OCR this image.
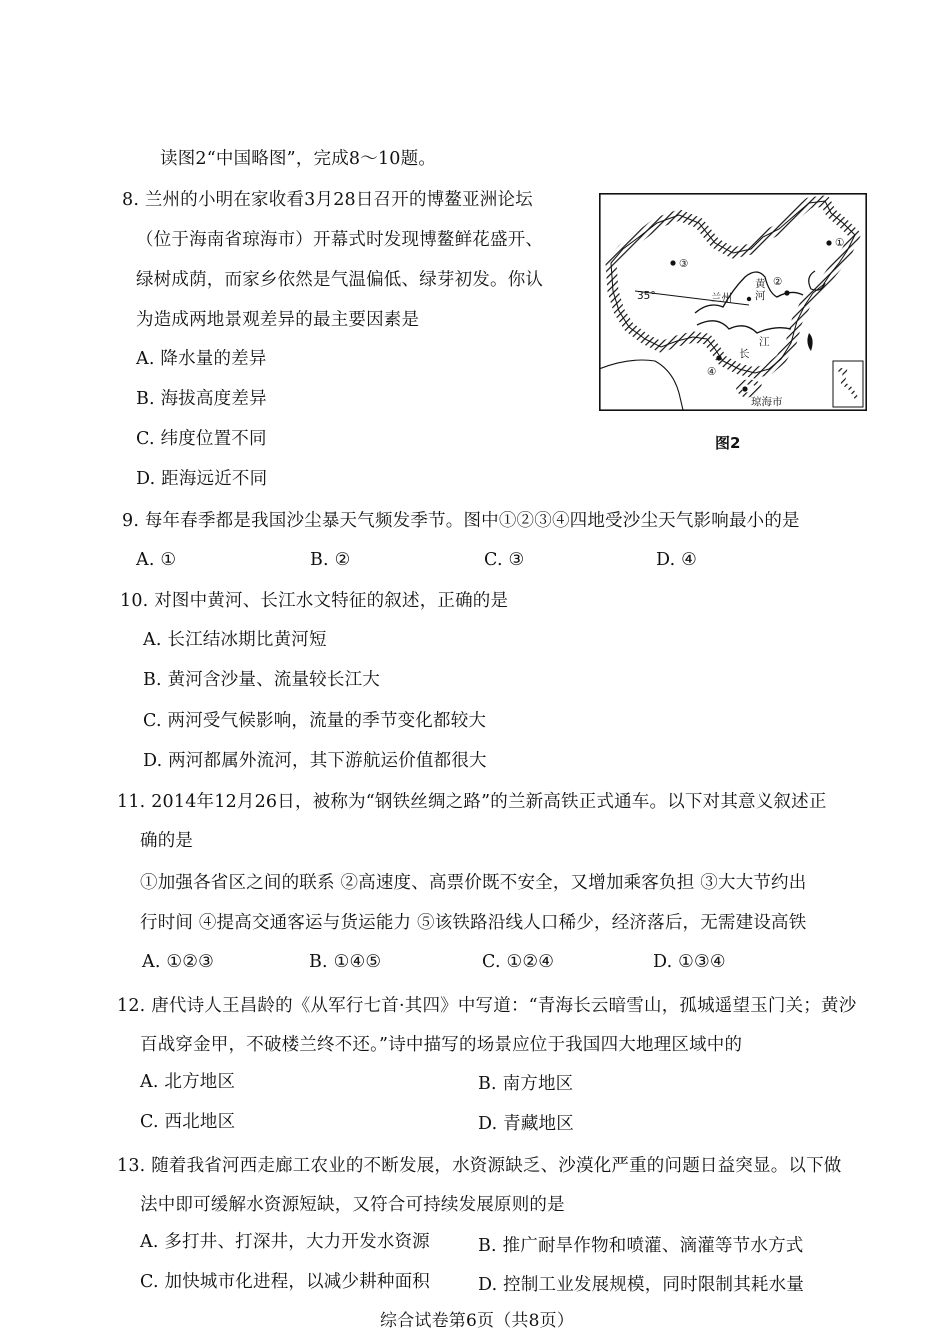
读图2“中国略图”，完成8～10题。
8. 兰州的小明在家收看3月28日召开的博鳌亚洲论坛
（位于海南省琼海市）开幕式时发现博鳌鲜花盛开、
绿树成荫，而家乡依然是气温偏低、绿芽初发。你认
为造成两地景观差异的最主要因素是
A. 降水量的差异
B. 海拔高度差异
C. 纬度位置不同
D. 距海远近不同
①
③
②
④
35°	兰州
黄
河
长
江
琼海市
图2
9. 每年春季都是我国沙尘暴天气频发季节。图中①②③④四地受沙尘天气影响最小的是
A. ①	B. ②	C. ③	D. ④
10. 对图中黄河、长江水文特征的叙述，正确的是
A. 长江结冰期比黄河短
B. 黄河含沙量、流量较长江大
C. 两河受气候影响，流量的季节变化都较大
D. 两河都属外流河，其下游航运价值都很大
11. 2014年12月26日，被称为“钢铁丝绸之路”的兰新高铁正式通车。以下对其意义叙述正
确的是
①加强各省区之间的联系 ②高速度、高票价既不安全，又增加乘客负担 ③大大节约出
行时间 ④提高交通客运与货运能力 ⑤该铁路沿线人口稀少，经济落后，无需建设高铁
A. ①②③	B. ①④⑤	C. ①②④	D. ①③④
12. 唐代诗人王昌龄的《从军行七首·其四》中写道：“青海长云暗雪山，孤城遥望玉门关；黄沙
百战穿金甲，不破楼兰终不还。”诗中描写的场景应位于我国四大地理区域中的
A. 北方地区	B. 南方地区
C. 西北地区	D. 青藏地区
13. 随着我省河西走廊工农业的不断发展，水资源缺乏、沙漠化严重的问题日益突显。以下做
法中即可缓解水资源短缺，又符合可持续发展原则的是
A. 多打井、打深井，大力开发水资源	B. 推广耐旱作物和喷灌、滴灌等节水方式
C. 加快城市化进程，以减少耕种面积	D. 控制工业发展规模，同时限制其耗水量
综合试卷第6页（共8页）
